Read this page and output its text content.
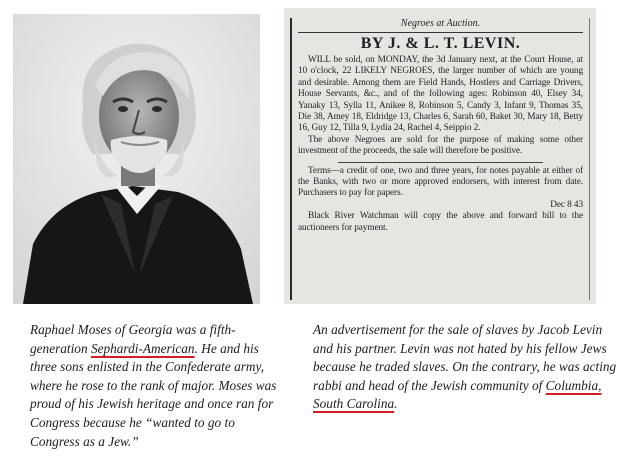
Negroes at Auction.
BY J. & L. T. LEVIN.

WILL be sold, on MONDAY, the 3d January next, at the Court House, at 10 o'clock, 22 LIKELY NEGROES, the larger number of which are young and desirable. Among them are Field Hands, Hostlers and Carriage Drivers, House Servants, &c., and of the following ages: Robinson 40, Elsey 34, Yanaky 13, Sylla 11, Anikee 8, Robinson 5, Candy 3, Infant 9, Thomas 35, Die 38, Amey 18, Eldridge 13, Charles 6, Sarah 60, Baket 30, Mary 18, Betty 16, Guy 12, Tilla 9, Lydia 24, Rachel 4, Seippio 2.

The above Negroes are sold for the purpose of making some other investment of the proceeds, the sale will therefore be positive.

Terms—a credit of one, two and three years, for notes payable at either of the Banks, with two or more approved endorsers, with interest from date. Purchasers to pay for papers.

Dec 8 43

Black River Watchman will copy the above and forward bill to the auctioneers for payment.

Raphael Moses of Georgia was a fifth-generation Sephardi-American. He and his three sons enlisted in the Confederate army, where he rose to the rank of major. Moses was proud of his Jewish heritage and once ran for Congress because he “wanted to go to Congress as a Jew.”

An advertisement for the sale of slaves by Jacob Levin and his partner. Levin was not hated by his fellow Jews because he traded slaves. On the contrary, he was acting rabbi and head of the Jewish community of Columbia, South Carolina.
